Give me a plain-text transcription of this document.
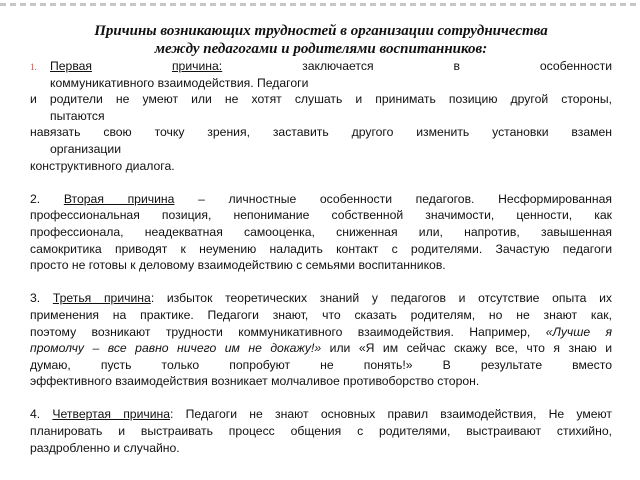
Причины возникающих трудностей в организации сотрудничества

между педагогами и родителями воспитанников:

1. Первая	причина:	заключается	в	особенности

коммуникативного взаимодействия. Педагоги

и родители не умеют или не хотят слушать и принимать позицию другой стороны,

пытаются

навязать свою точку зрения, заставить другого изменить установки взамен

организации

конструктивного диалога.

2. Вторая причина – личностные особенности педагогов. Несформированная

профессиональная позиция, непонимание собственной значимости, ценности, как

профессионала, неадекватная самооценка, сниженная или, напротив, завышенная

самокритика приводят к неумению наладить контакт с родителями. Зачастую педагоги

просто не готовы к деловому взаимодействию с семьями воспитанников.

3. Третья причина: избыток теоретических знаний у педагогов и отсутствие опыта их

применения на практике. Педагоги знают, что сказать родителям, но не знают как,

поэтому возникают трудности коммуникативного взаимодействия. Например, «Лучше я

промолчу – все равно ничего им не докажу!» или «Я им сейчас скажу все, что я знаю и

думаю, пусть только попробуют не понять!» В результате вместо

эффективного взаимодействия возникает молчаливое противоборство сторон.

4. Четвертая причина: Педагоги не знают основных правил взаимодействия, Не умеют

планировать и выстраивать процесс общения с родителями, выстраивают стихийно,

раздробленно и случайно.
